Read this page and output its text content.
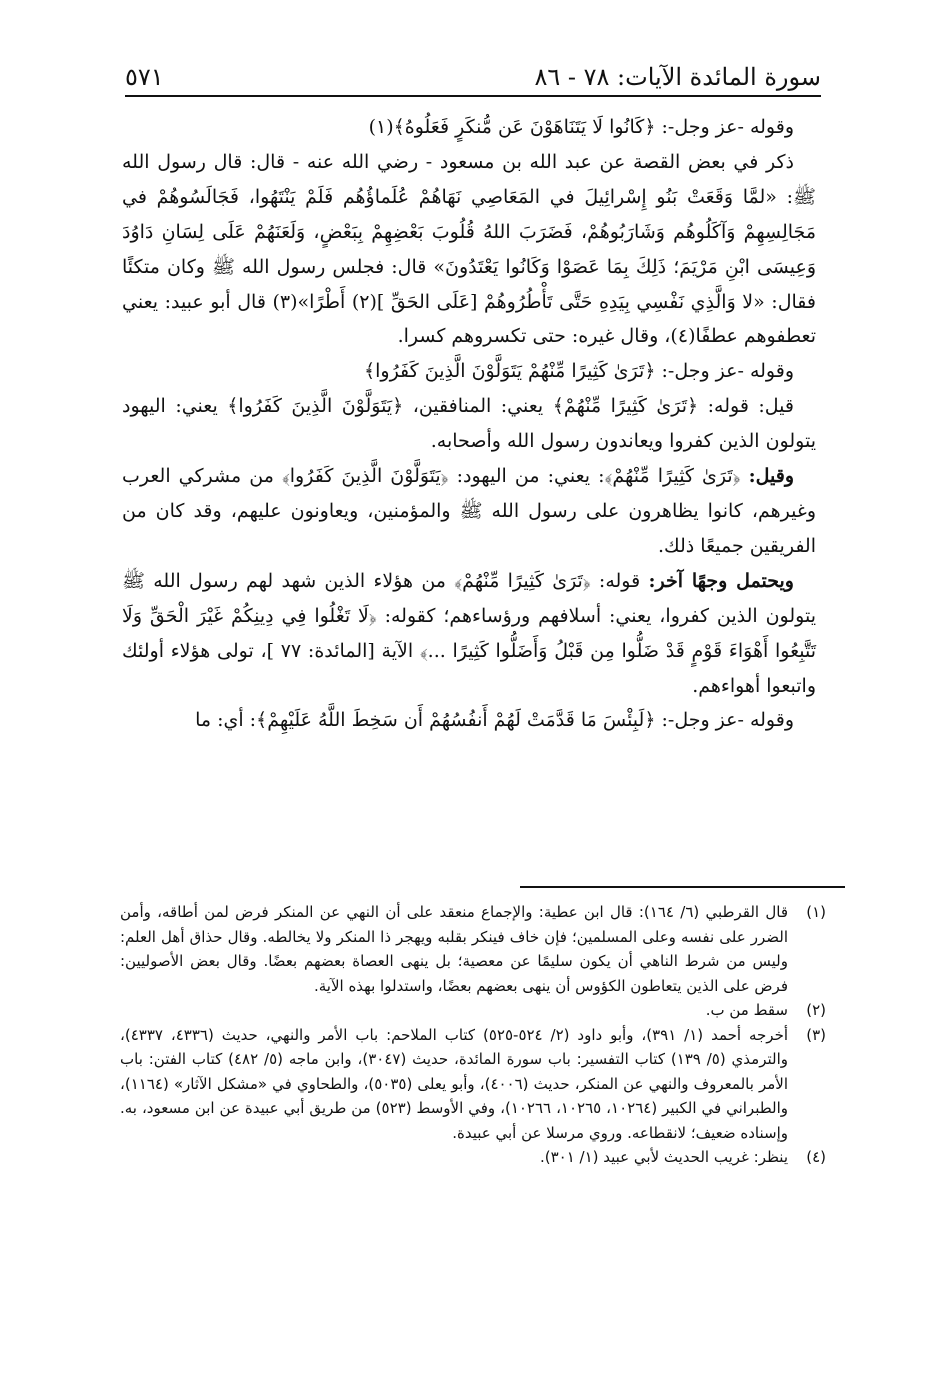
سورة المائدة الآيات: ٧٨ - ٨٦
٥٧١

وقوله -عز وجل-: ﴿كَانُوا لَا يَتَنَاهَوْنَ عَن مُّنكَرٍ فَعَلُوهُ﴾(١)

ذكر في بعض القصة عن عبد الله بن مسعود - رضي الله عنه - قال: قال رسول الله ﷺ: «لمَّا وَقَعَتْ بَنُو إِسْرائِيلَ في المَعَاصِي نَهَاهُمْ عُلَماؤُهُم فَلَمْ يَنْتَهُوا، فَجَالَسُوهُمْ في مَجَالِسِهِمْ وَآكَلُوهُم وَشَارَبُوهُمْ، فَضَرَبَ اللهُ قُلُوبَ بَعْضِهِمْ بِبَعْضٍ، وَلَعَنَهُمْ عَلَى لِسَانِ دَاوُدَ وَعِيسَى ابْنِ مَرْيَمَ؛ ذَلِكَ بِمَا عَصَوْا وَكَانُوا يَعْتَدُونَ» قال: فجلس رسول الله ﷺ وكان متكئًا فقال: «لا وَالَّذِي نَفْسِي بِيَدِهِ حَتَّى تَأْطُرُوهُمْ [عَلَى الحَقِّ ](٢) أَطْرًا»(٣) قال أبو عبيد: يعني تعطفوهم عطفًا(٤)، وقال غيره: حتى تكسروهم كسرا.

وقوله -عز وجل-: ﴿تَرَىٰ كَثِيرًا مِّنْهُمْ يَتَوَلَّوْنَ الَّذِينَ كَفَرُوا﴾

قيل: قوله: ﴿تَرَىٰ كَثِيرًا مِّنْهُمْ﴾ يعني: المنافقين، ﴿يَتَوَلَّوْنَ الَّذِينَ كَفَرُوا﴾ يعني: اليهود يتولون الذين كفروا ويعاندون رسول الله وأصحابه.

وقيل: ﴿تَرَىٰ كَثِيرًا مِّنْهُمْ﴾: يعني: من اليهود: ﴿يَتَوَلَّوْنَ الَّذِينَ كَفَرُوا﴾ من مشركي العرب وغيرهم، كانوا يظاهرون على رسول الله ﷺ والمؤمنين، ويعاونون عليهم، وقد كان من الفريقين جميعًا ذلك.

ويحتمل وجهًا آخر: قوله: ﴿تَرَىٰ كَثِيرًا مِّنْهُمْ﴾ من هؤلاء الذين شهد لهم رسول الله ﷺ يتولون الذين كفروا، يعني: أسلافهم ورؤساءهم؛ كقوله: ﴿لَا تَغْلُوا فِي دِينِكُمْ غَيْرَ الْحَقِّ وَلَا تَتَّبِعُوا أَهْوَاءَ قَوْمٍ قَدْ ضَلُّوا مِن قَبْلُ وَأَضَلُّوا كَثِيرًا ...﴾ الآية [المائدة: ٧٧ ]، تولى هؤلاء أولئك واتبعوا أهواءهم.

وقوله -عز وجل-: ﴿لَبِئْسَ مَا قَدَّمَتْ لَهُمْ أَنفُسُهُمْ أَن سَخِطَ اللَّهُ عَلَيْهِمْ﴾: أي: ما

(١)
قال القرطبي (٦/ ١٦٤): قال ابن عطية: والإجماع منعقد على أن النهي عن المنكر فرض لمن أطاقه، وأمن الضرر على نفسه وعلى المسلمين؛ فإن خاف فينكر بقلبه ويهجر ذا المنكر ولا يخالطه. وقال حذاق أهل العلم: وليس من شرط الناهي أن يكون سليمًا عن معصية؛ بل ينهى العصاة بعضهم بعضًا. وقال بعض الأصوليين: فرض على الذين يتعاطون الكؤوس أن ينهى بعضهم بعضًا، واستدلوا بهذه الآية.
(٢)
سقط من ب.
(٣)
أخرجه أحمد (١/ ٣٩١)، وأبو داود (٢/ ٥٢٤-٥٢٥) كتاب الملاحم: باب الأمر والنهي، حديث (٤٣٣٦، ٤٣٣٧)، والترمذي (٥/ ١٣٩) كتاب التفسير: باب سورة المائدة، حديث (٣٠٤٧)، وابن ماجه (٥/ ٤٨٢) كتاب الفتن: باب الأمر بالمعروف والنهي عن المنكر، حديث (٤٠٠٦)، وأبو يعلى (٥٠٣٥)، والطحاوي في «مشكل الآثار» (١١٦٤)، والطبراني في الكبير (١٠٢٦٤، ١٠٢٦٥، ١٠٢٦٦)، وفي الأوسط (٥٢٣) من طريق أبي عبيدة عن ابن مسعود، به. وإسناده ضعيف؛ لانقطاعه. وروي مرسلا عن أبي عبيدة.
(٤)
ينظر: غريب الحديث لأبي عبيد (١/ ٣٠١).
